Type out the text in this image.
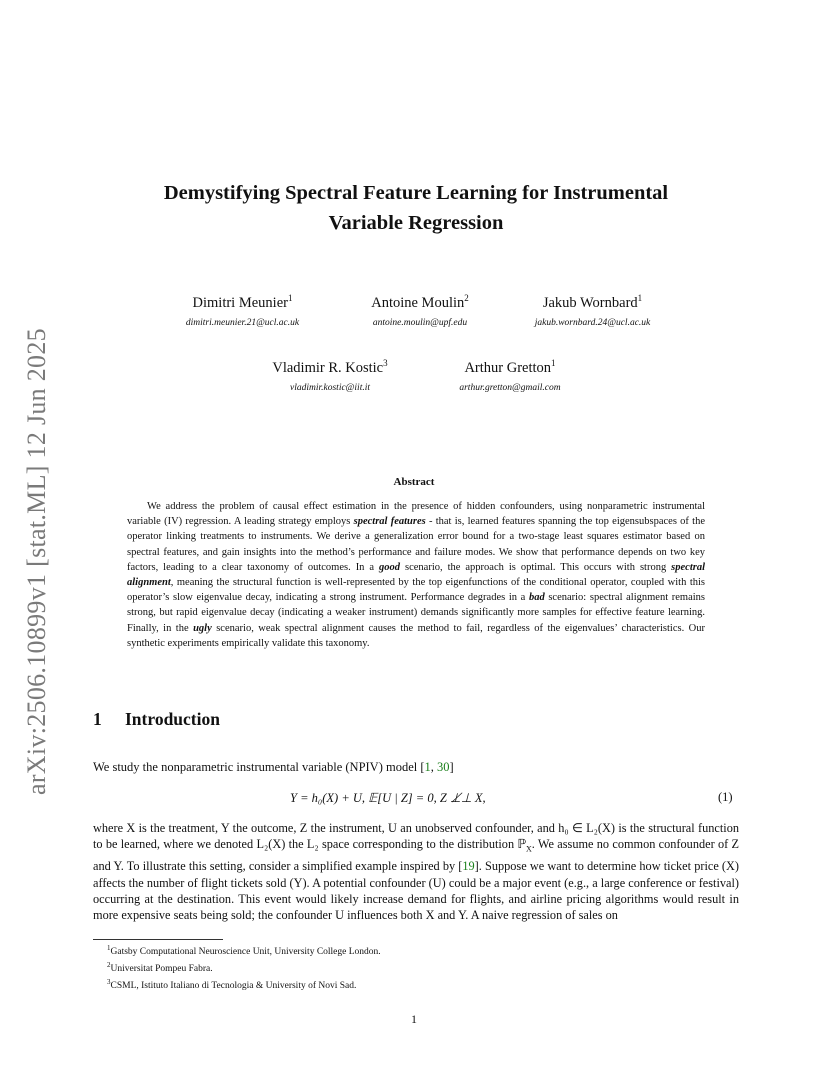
arXiv:2506.10899v1 [stat.ML] 12 Jun 2025
Demystifying Spectral Feature Learning for Instrumental
Variable Regression
Dimitri Meunier$^1$
dimitri.meunier.21@ucl.ac.uk
Antoine Moulin$^2$
antoine.moulin@upf.edu
Jakub Wornbard$^1$
jakub.wornbard.24@ucl.ac.uk
Vladimir R. Kostic$^3$
vladimir.kostic@iit.it
Arthur Gretton$^1$
arthur.gretton@gmail.com
Abstract
We address the problem of causal effect estimation in the presence of hidden confounders, using nonparametric instrumental variable (IV) regression. A leading strategy employs spectral features - that is, learned features spanning the top eigensubspaces of the operator linking treatments to instruments. We derive a generalization error bound for a two-stage least squares estimator based on spectral features, and gain insights into the method’s performance and failure modes. We show that performance depends on two key factors, leading to a clear taxonomy of outcomes. In a good scenario, the approach is optimal. This occurs with strong spectral alignment, meaning the structural function is well-represented by the top eigenfunctions of the conditional operator, coupled with this operator’s slow eigenvalue decay, indicating a strong instrument. Performance degrades in a bad scenario: spectral alignment remains strong, but rapid eigenvalue decay (indicating a weaker instrument) demands significantly more samples for effective feature learning. Finally, in the ugly scenario, weak spectral alignment causes the method to fail, regardless of the eigenvalues’ characteristics. Our synthetic experiments empirically validate this taxonomy.
1 Introduction
We study the nonparametric instrumental variable (NPIV) model [1, 30]
Y = h₀(X) + U, 𝔼[U | Z] = 0, Z ⊥̸⊥ X,	(1)

where X is the treatment, Y the outcome, Z the instrument, U an unobserved confounder, and h₀ ∈ L₂(X) is the structural function to be learned, where we denoted L₂(X) the L₂ space corresponding to the distribution ℙ$_X$. We assume no common confounder of Z and Y. To illustrate this setting, consider a simplified example inspired by [19]. Suppose we want to determine how ticket price (X) affects the number of flight tickets sold (Y). A potential confounder (U) could be a major event (e.g., a large conference or festival) occurring at the destination. This event would likely increase demand for flights, and airline pricing algorithms would result in more expensive seats being sold; the confounder U influences both X and Y. A naive regression of sales on

$^1$Gatsby Computational Neuroscience Unit, University College London.
$^2$Universitat Pompeu Fabra.
$^3$CSML, Istituto Italiano di Tecnologia & University of Novi Sad.
1
